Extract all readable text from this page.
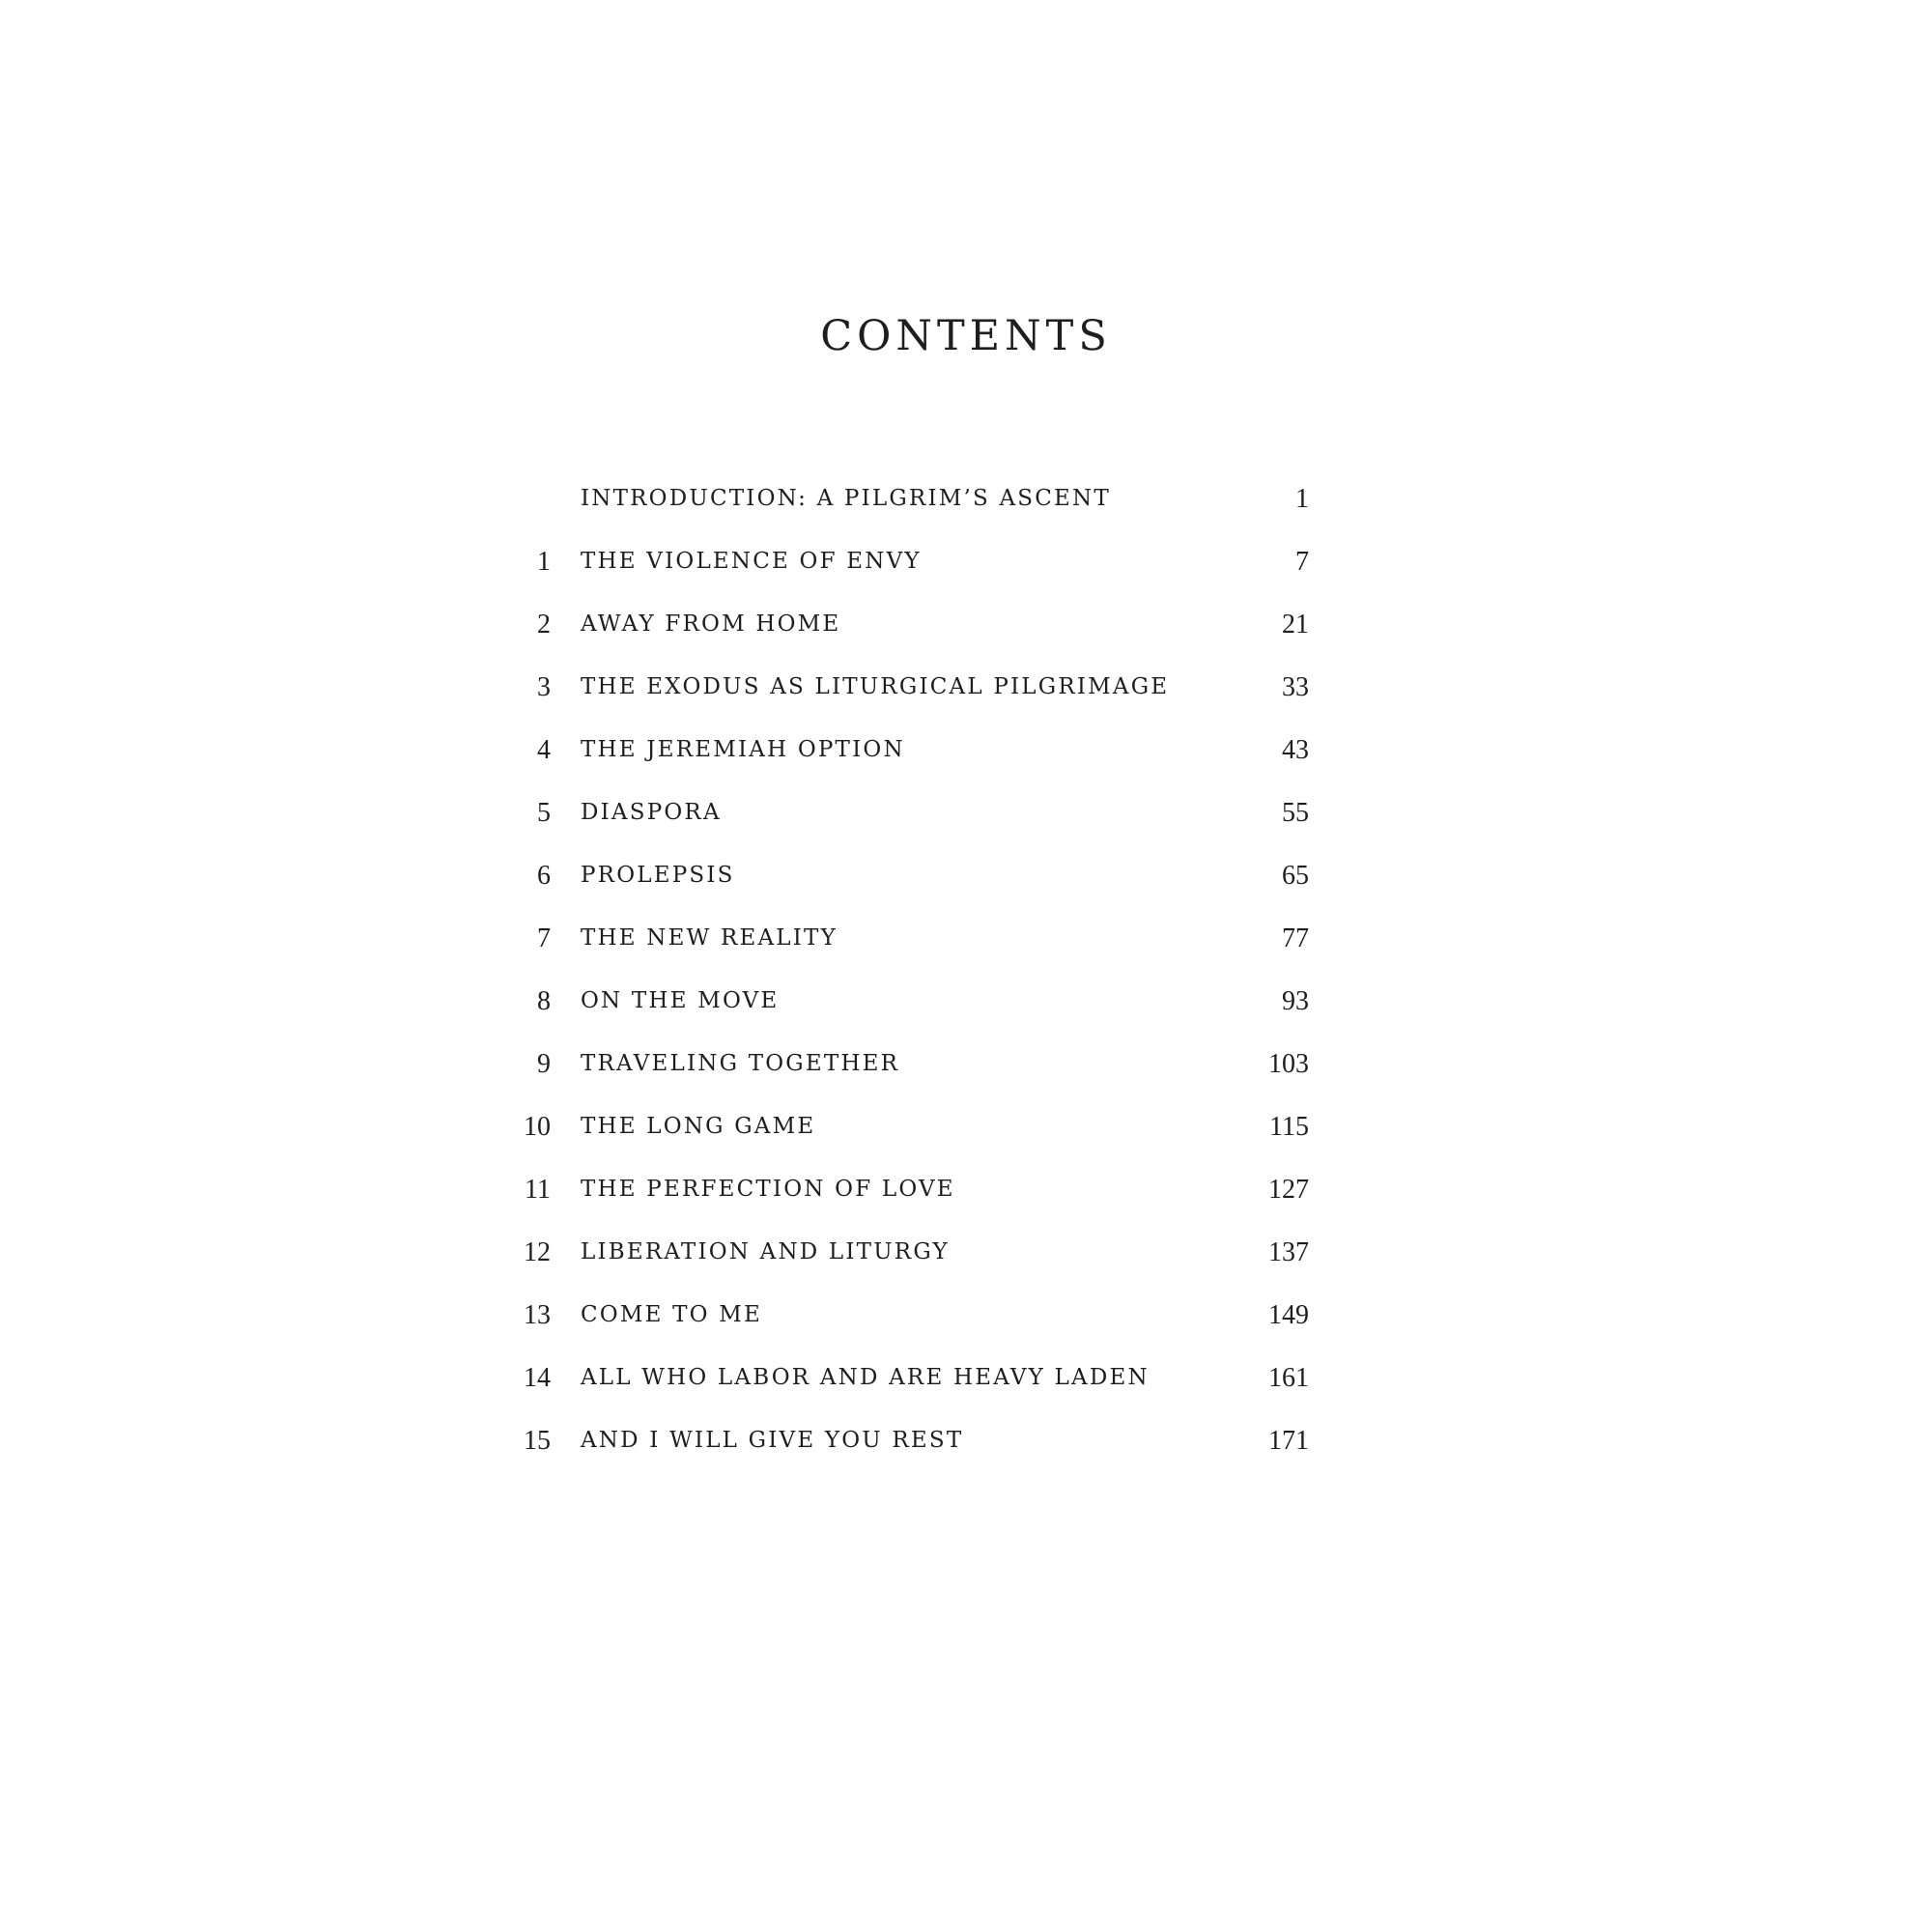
CONTENTS
INTRODUCTION: A PILGRIM’S ASCENT	1
1 THE VIOLENCE OF ENVY	7
2 AWAY FROM HOME	21
3 THE EXODUS AS LITURGICAL PILGRIMAGE	33
4 THE JEREMIAH OPTION	43
5 DIASPORA	55
6 PROLEPSIS	65
7 THE NEW REALITY	77
8 ON THE MOVE	93
9 TRAVELING TOGETHER	103
10 THE LONG GAME	115
11 THE PERFECTION OF LOVE	127
12 LIBERATION AND LITURGY	137
13 COME TO ME	149
14 ALL WHO LABOR AND ARE HEAVY LADEN	161
15 AND I WILL GIVE YOU REST	171
